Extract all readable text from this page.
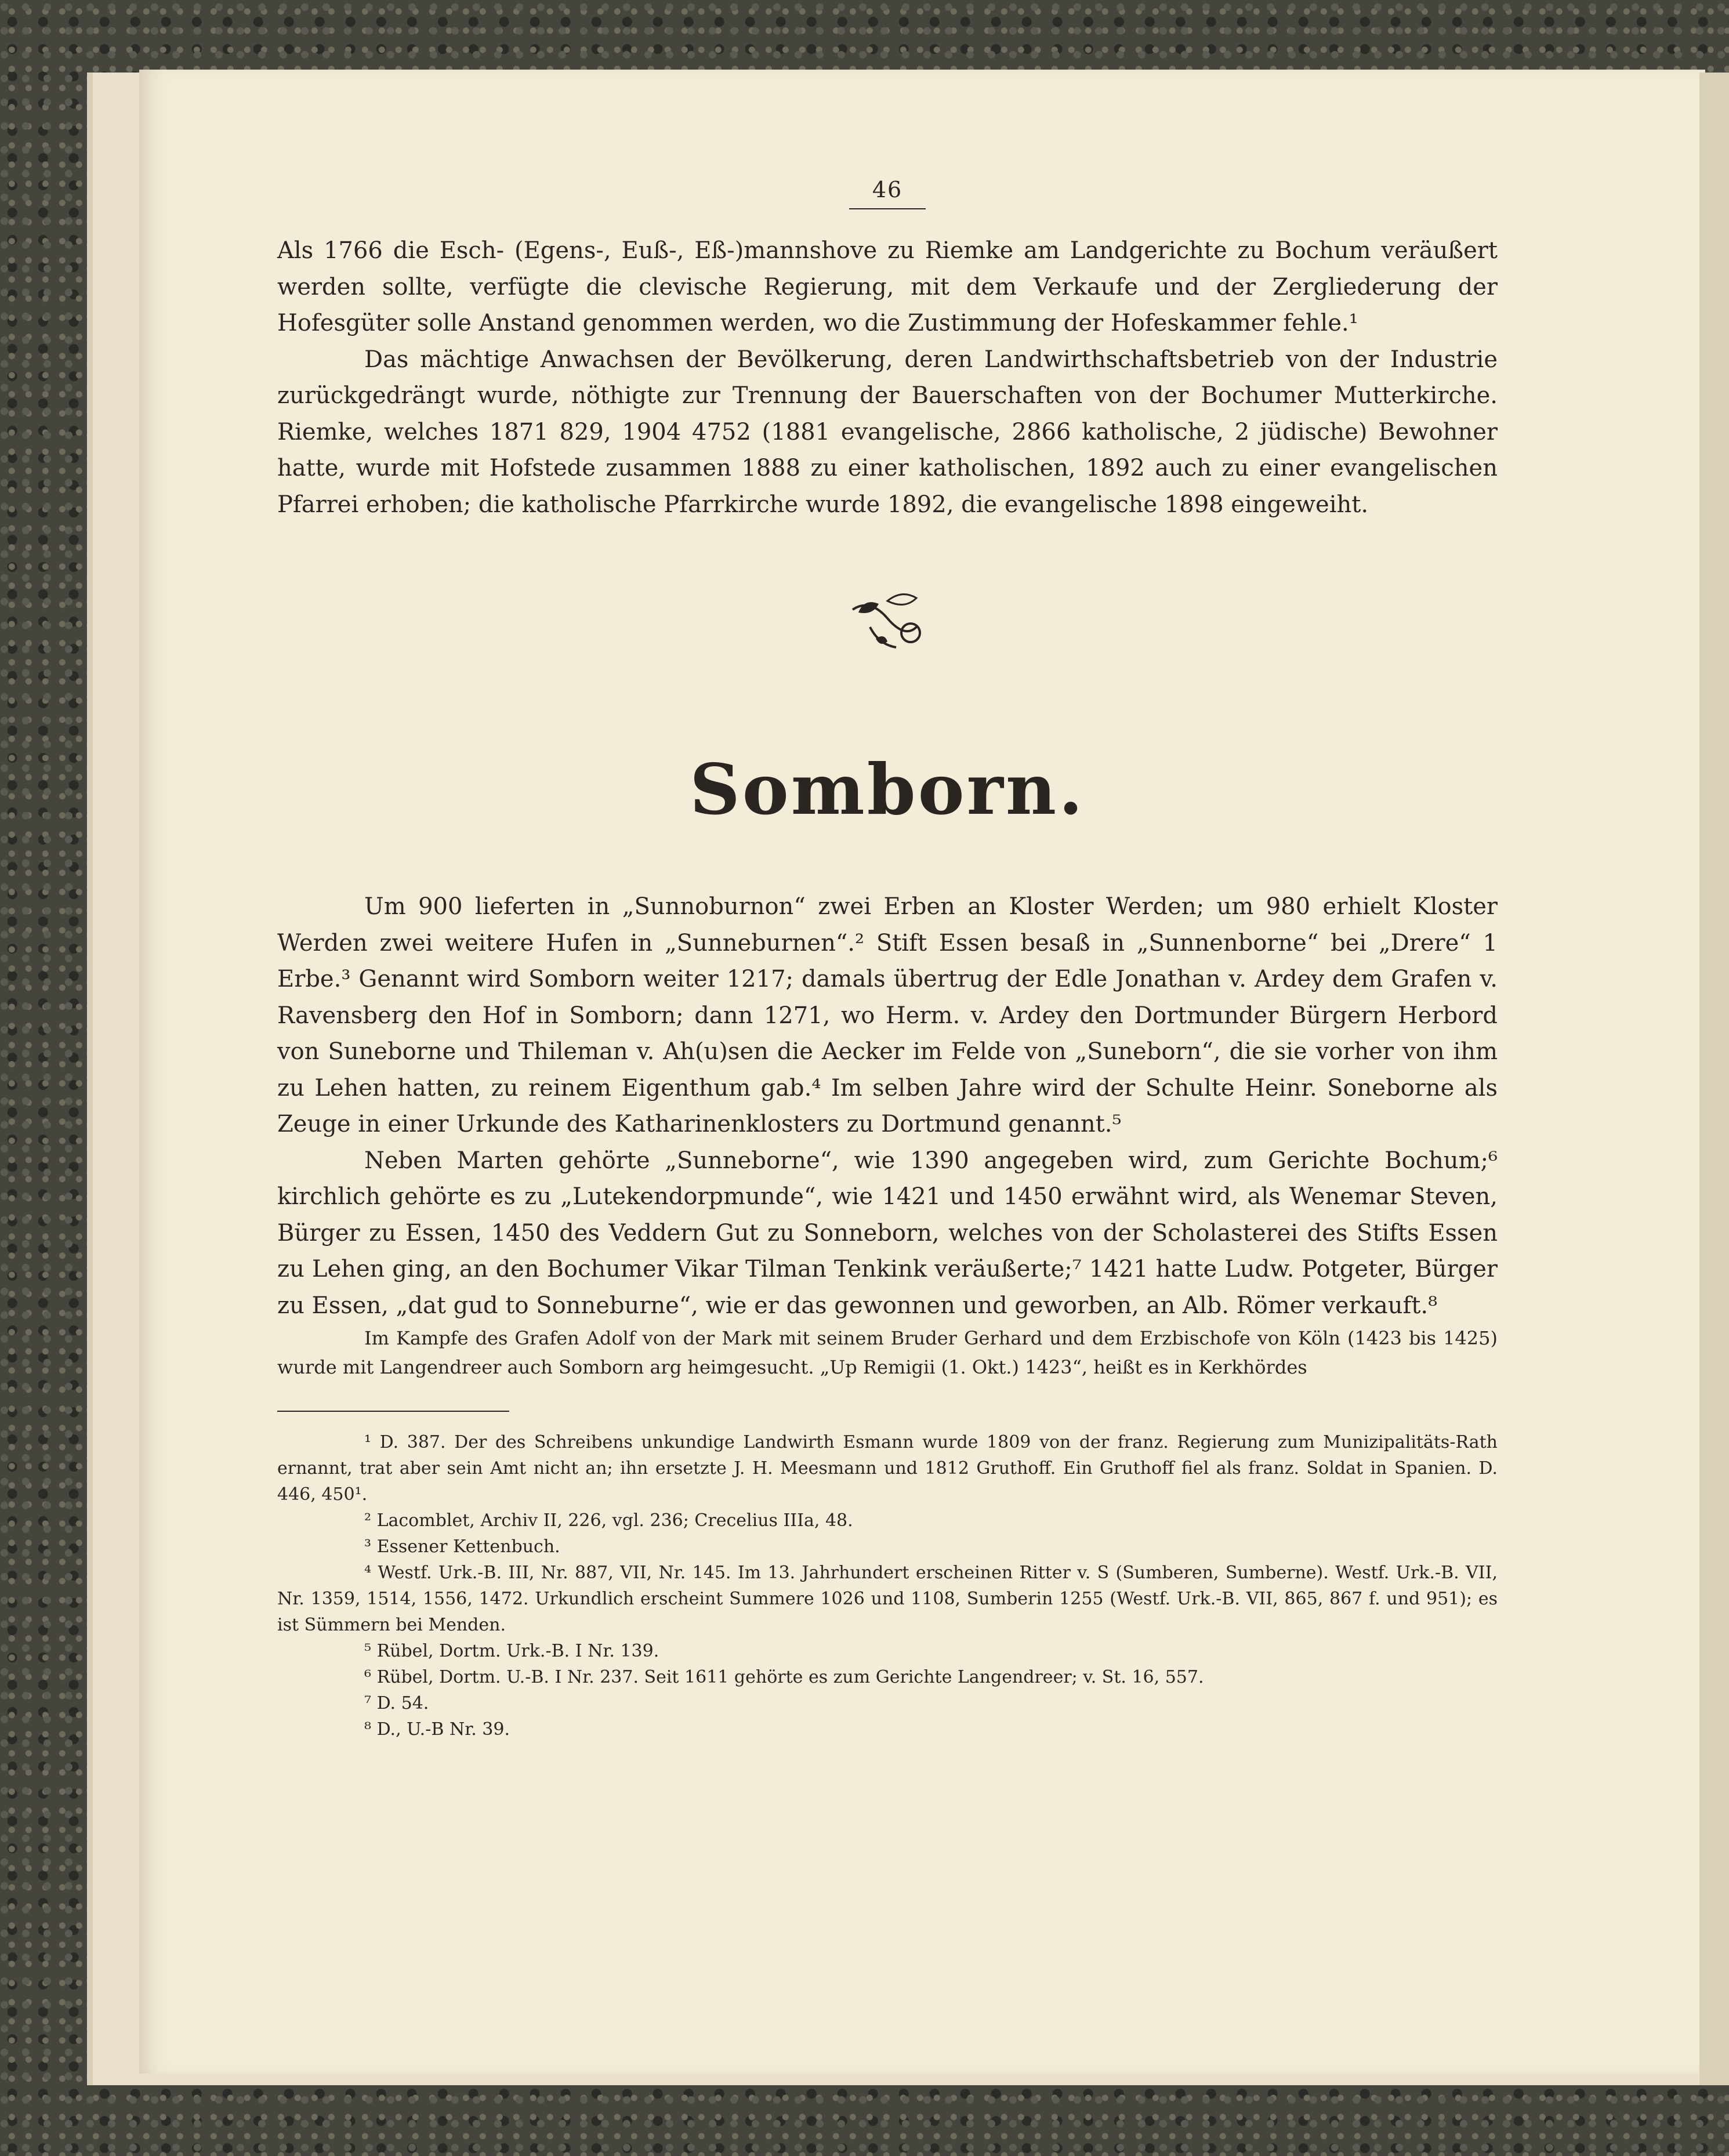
46

Als 1766 die Esch- (Egens-, Euß-, Eß-)mannshove zu Riemke am Landgerichte zu Bochum veräußert werden sollte, verfügte die clevische Regierung, mit dem Verkaufe und der Zergliederung der Hofesgüter solle Anstand genommen werden, wo die Zustimmung der Hofeskammer fehle.¹

Das mächtige Anwachsen der Bevölkerung, deren Landwirthschaftsbetrieb von der Industrie zurückgedrängt wurde, nöthigte zur Trennung der Bauerschaften von der Bochumer Mutterkirche. Riemke, welches 1871 829, 1904 4752 (1881 evangelische, 2866 katholische, 2 jüdische) Bewohner hatte, wurde mit Hofstede zusammen 1888 zu einer katholischen, 1892 auch zu einer evangelischen Pfarrei erhoben; die katholische Pfarrkirche wurde 1892, die evangelische 1898 eingeweiht.

Somborn.

Um 900 lieferten in „Sunnoburnon“ zwei Erben an Kloster Werden; um 980 erhielt Kloster Werden zwei weitere Hufen in „Sunneburnen“.² Stift Essen besaß in „Sunnenborne“ bei „Drere“ 1 Erbe.³ Genannt wird Somborn weiter 1217; damals übertrug der Edle Jonathan v. Ardey dem Grafen v. Ravensberg den Hof in Somborn; dann 1271, wo Herm. v. Ardey den Dortmunder Bürgern Herbord von Suneborne und Thileman v. Ah(u)sen die Aecker im Felde von „Suneborn“, die sie vorher von ihm zu Lehen hatten, zu reinem Eigenthum gab.⁴ Im selben Jahre wird der Schulte Heinr. Soneborne als Zeuge in einer Urkunde des Katharinenklosters zu Dortmund genannt.⁵

Neben Marten gehörte „Sunneborne“, wie 1390 angegeben wird, zum Gerichte Bochum;⁶ kirchlich gehörte es zu „Lutekendorpmunde“, wie 1421 und 1450 erwähnt wird, als Wenemar Steven, Bürger zu Essen, 1450 des Veddern Gut zu Sonneborn, welches von der Scholasterei des Stifts Essen zu Lehen ging, an den Bochumer Vikar Tilman Tenkink veräußerte;⁷ 1421 hatte Ludw. Potgeter, Bürger zu Essen, „dat gud to Sonneburne“, wie er das gewonnen und geworben, an Alb. Römer verkauft.⁸

Im Kampfe des Grafen Adolf von der Mark mit seinem Bruder Gerhard und dem Erzbischofe von Köln (1423 bis 1425) wurde mit Langendreer auch Somborn arg heimgesucht. „Up Remigii (1. Okt.) 1423“, heißt es in Kerkhördes

¹ D. 387. Der des Schreibens unkundige Landwirth Esmann wurde 1809 von der franz. Regierung zum Munizipalitäts-Rath ernannt, trat aber sein Amt nicht an; ihn ersetzte J. H. Meesmann und 1812 Gruthoff. Ein Gruthoff fiel als franz. Soldat in Spanien. D. 446, 450¹.

² Lacomblet, Archiv II, 226, vgl. 236; Crecelius IIIa, 48.

³ Essener Kettenbuch.

⁴ Westf. Urk.-B. III, Nr. 887, VII, Nr. 145. Im 13. Jahrhundert erscheinen Ritter v. S (Sumberen, Sumberne). Westf. Urk.-B. VII, Nr. 1359, 1514, 1556, 1472. Urkundlich erscheint Summere 1026 und 1108, Sumberin 1255 (Westf. Urk.-B. VII, 865, 867 f. und 951); es ist Sümmern bei Menden.

⁵ Rübel, Dortm. Urk.-B. I Nr. 139.

⁶ Rübel, Dortm. U.-B. I Nr. 237. Seit 1611 gehörte es zum Gerichte Langendreer; v. St. 16, 557.

⁷ D. 54.

⁸ D., U.-B Nr. 39.
